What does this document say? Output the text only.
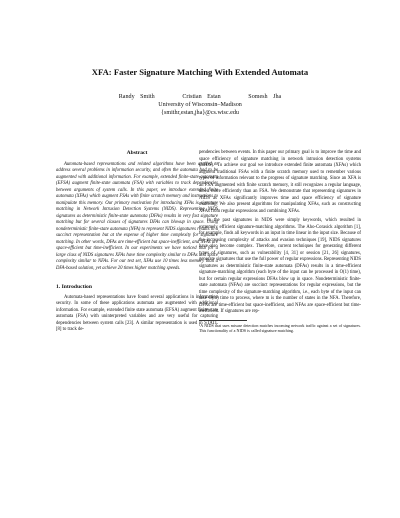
XFA: Faster Signature Matching With Extended Automata
Randy Smith     Cristian Estan     Somesh Jha
University of Wisconsin–Madison
{smithr,estan,jha}@cs.wisc.edu
Abstract

Automata-based representations and related algorithms have been applied to address several problems in information security, and often the automata had to be augmented with additional information. For example, extended finite-state automata (EFSA) augment finite-state automata (FSA) with variables to track dependencies between arguments of system calls. In this paper, we introduce extended finite automata (XFAs) which augment FSAs with finite scratch memory and instructions to manipulate this memory. Our primary motivation for introducing XFAs is signature matching in Network Intrusion Detection Systems (NIDS). Representing NIDS signatures as deterministic finite-state automata (DFAs) results in very fast signature matching but for several classes of signatures DFAs can blowup in space. Using nondeterministic finite-state automata (NFA) to represent NIDS signatures results in a succinct representation but at the expense of higher time complexity for signature matching. In other words, DFAs are time-efficient but space-inefficient, and NFAs are space-efficient but time-inefficient. In our experiments we have noticed that for a large class of NIDS signatures XFAs have time complexity similar to DFAs and space complexity similar to NFAs. For our test set, XFAs use 10 times less memory than a DFA-based solution, yet achieve 20 times higher matching speeds.

1. Introduction

Automata-based representations have found several applications in information security. In some of these applications automata are augmented with additional information. For example, extended finite state automata (EFSA) augment finite-state automata (FSA) with uninterpreted variables and are very useful for capturing dependencies between system calls [23]. A similar representation is used in STATL [8] to track de-

pendencies between events. In this paper our primary goal is to improve the time and space efficiency of signature matching in network intrusion detection systems (NIDS).¹ To achieve our goal we introduce extended finite automata (XFAs) which augment traditional FSAs with a finite scratch memory used to remember various types of information relevant to the progress of signature matching. Since an XFA is an FSA augmented with finite scratch memory, it still recognizes a regular language, albeit more efficiently than an FSA. We demonstrate that representing signatures in NIDS as XFAs significantly improves time and space efficiency of signature matching. We also present algorithms for manipulating XFAs, such as constructing XFAs from regular expressions and combining XFAs.

In the past signatures in NIDS were simply keywords, which resulted in extremely efficient signature-matching algorithms. The Aho-Corasick algorithm [1], for example, finds all keywords in an input in time linear in the input size. Because of the increasing complexity of attacks and evasion techniques [19], NIDS signatures have also become complex. Therefore, current techniques for generating different types of signatures, such as vulnerability [4, 31] or session [21, 26] signatures, generate signatures that use the full power of regular expressions. Representing NIDS signatures as deterministic finite-state automata (DFAs) results in a time-efficient signature-matching algorithm (each byte of the input can be processed in O(1) time), but for certain regular expressions DFAs blow up in space. Nondeterministic finite-state automata (NFAs) are succinct representations for regular expressions, but the time complexity of the signature-matching algorithm, i.e., each byte of the input can take O(m) time to process, where m is the number of states in the NFA. Therefore, DFAs are time-efficient but space-inefficient, and NFAs are space-efficient but time-inefficient. If signatures are rep-

¹A NIDS that uses misuse detection matches incoming network traffic against a set of signatures. This functionality of a NIDS is called signature matching.
